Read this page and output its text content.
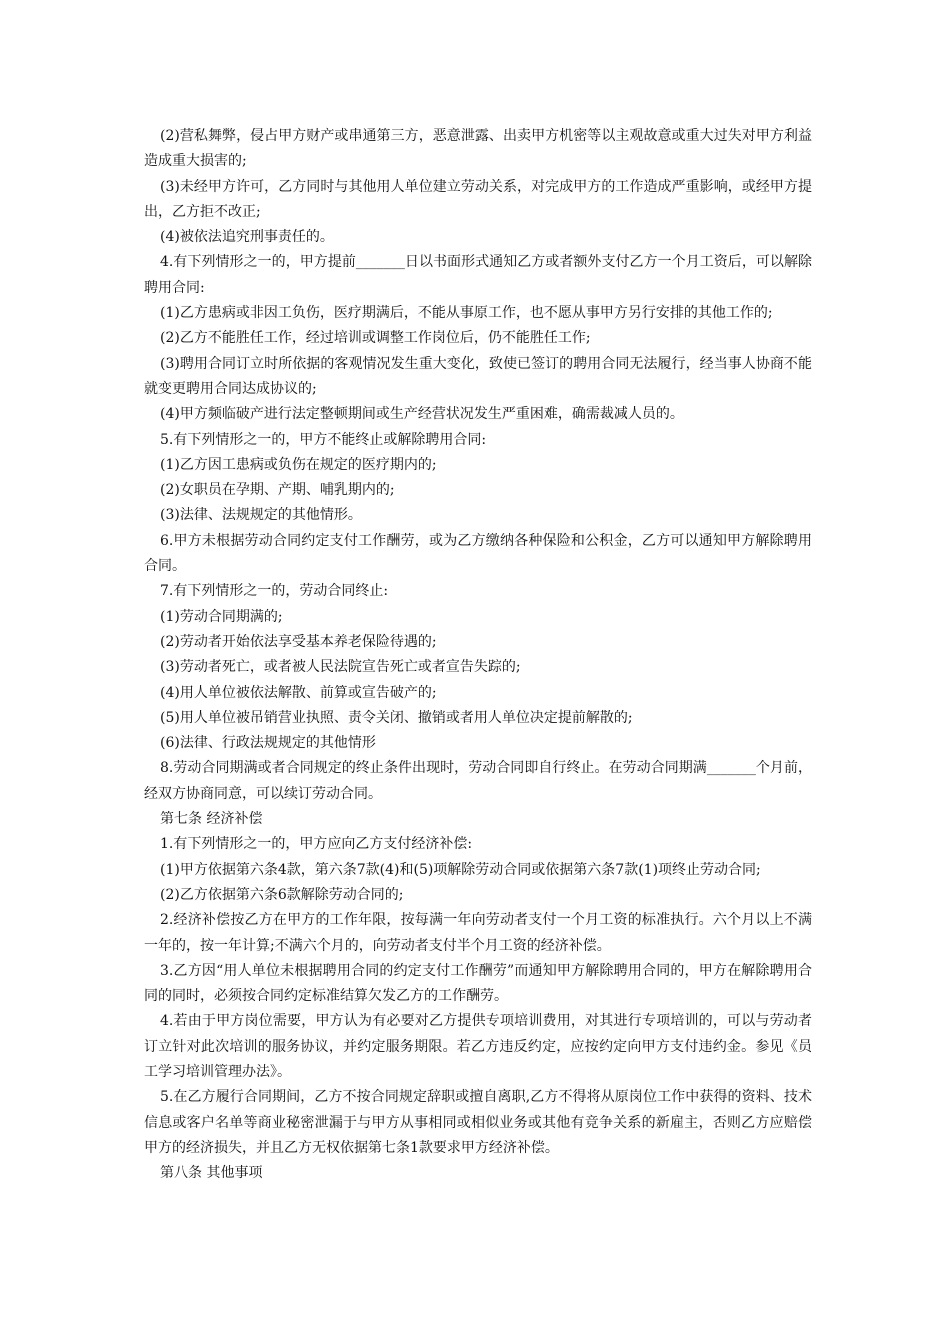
(2)营私舞弊，侵占甲方财产或串通第三方，恶意泄露、出卖甲方机密等以主观故意或重大过失对甲方利益造成重大损害的;

(3)未经甲方许可，乙方同时与其他用人单位建立劳动关系，对完成甲方的工作造成严重影响，或经甲方提出，乙方拒不改正;

(4)被依法追究刑事责任的。

4.有下列情形之一的，甲方提前_______日以书面形式通知乙方或者额外支付乙方一个月工资后，可以解除聘用合同:

(1)乙方患病或非因工负伤，医疗期满后，不能从事原工作，也不愿从事甲方另行安排的其他工作的;

(2)乙方不能胜任工作，经过培训或调整工作岗位后，仍不能胜任工作;

(3)聘用合同订立时所依据的客观情况发生重大变化，致使已签订的聘用合同无法履行，经当事人协商不能就变更聘用合同达成协议的;

(4)甲方频临破产进行法定整顿期间或生产经营状况发生严重困难，确需裁减人员的。

5.有下列情形之一的，甲方不能终止或解除聘用合同:

(1)乙方因工患病或负伤在规定的医疗期内的;

(2)女职员在孕期、产期、哺乳期内的;

(3)法律、法规规定的其他情形。

6.甲方未根据劳动合同约定支付工作酬劳，或为乙方缴纳各种保险和公积金，乙方可以通知甲方解除聘用合同。

7.有下列情形之一的，劳动合同终止:

(1)劳动合同期满的;

(2)劳动者开始依法享受基本养老保险待遇的;

(3)劳动者死亡，或者被人民法院宣告死亡或者宣告失踪的;

(4)用人单位被依法解散、前算或宣告破产的;

(5)用人单位被吊销营业执照、责令关闭、撤销或者用人单位决定提前解散的;

(6)法律、行政法规规定的其他情形

8.劳动合同期满或者合同规定的终止条件出现时，劳动合同即自行终止。在劳动合同期满_______个月前，经双方协商同意，可以续订劳动合同。

第七条 经济补偿

1.有下列情形之一的，甲方应向乙方支付经济补偿:

(1)甲方依据第六条4款，第六条7款(4)和(5)项解除劳动合同或依据第六条7款(1)项终止劳动合同;

(2)乙方依据第六条6款解除劳动合同的;

2.经济补偿按乙方在甲方的工作年限，按每满一年向劳动者支付一个月工资的标准执行。六个月以上不满一年的，按一年计算;不满六个月的，向劳动者支付半个月工资的经济补偿。

3.乙方因“用人单位未根据聘用合同的约定支付工作酬劳”而通知甲方解除聘用合同的，甲方在解除聘用合同的同时，必须按合同约定标准结算欠发乙方的工作酬劳。

4.若由于甲方岗位需要，甲方认为有必要对乙方提供专项培训费用，对其进行专项培训的，可以与劳动者订立针对此次培训的服务协议，并约定服务期限。若乙方违反约定，应按约定向甲方支付违约金。参见《员工学习培训管理办法》。

5.在乙方履行合同期间，乙方不按合同规定辞职或擅自离职,乙方不得将从原岗位工作中获得的资料、技术信息或客户名单等商业秘密泄漏于与甲方从事相同或相似业务或其他有竞争关系的新雇主，否则乙方应赔偿甲方的经济损失，并且乙方无权依据第七条1款要求甲方经济补偿。

第八条 其他事项
